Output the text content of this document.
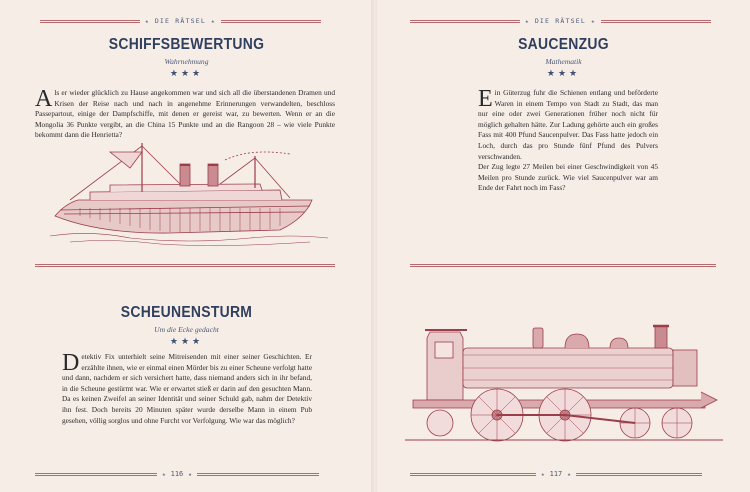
★ DIE RÄTSEL ★
SCHIFFSBEWERTUNG
Wahrnehmung
★★★
Als er wieder glücklich zu Hause angekommen war und sich all die überstandenen Dramen und Krisen der Reise nach und nach in angenehme Erinnerungen verwandelten, beschloss Passepartout, einige der Dampfschiffe, mit denen er gereist war, zu bewerten. Wenn er an die Mongolia 36 Punkte vergibt, an die China 15 Punkte und an die Rangoon 28 – wie viele Punkte bekommt dann die Henrietta?
SCHEUNENSTURM
Um die Ecke gedacht
★★★
Detektiv Fix unterhielt seine Mitreisenden mit einer seiner Geschichten. Er erzählte ihnen, wie er einmal einen Mörder bis zu einer Scheune verfolgt hatte und dann, nachdem er sich versichert hatte, dass niemand anders sich in ihr befand, in die Scheune gestürmt war. Wie er erwartet stieß er darin auf den gesuchten Mann. Da es keinen Zweifel an seiner Identität und seiner Schuld gab, nahm der Detektiv ihn fest. Doch bereits 20 Minuten später wurde derselbe Mann in einem Pub gesehen, völlig sorglos und ohne Furcht vor Verfolgung. Wie war das möglich?
★ 116 ★
★ DIE RÄTSEL ★
SAUCENZUG
Mathematik
★★★
Ein Güterzug fuhr die Schienen entlang und beförderte Waren in einem Tempo von Stadt zu Stadt, das man nur eine oder zwei Generationen früher noch nicht für möglich gehalten hätte. Zur Ladung gehörte auch ein großes Fass mit 400 Pfund Saucenpulver. Das Fass hatte jedoch ein Loch, durch das pro Stunde fünf Pfund des Pulvers verschwanden.
Der Zug legte 27 Meilen bei einer Geschwindigkeit von 45 Meilen pro Stunde zurück. Wie viel Saucenpulver war am Ende der Fahrt noch im Fass?
★ 117 ★
